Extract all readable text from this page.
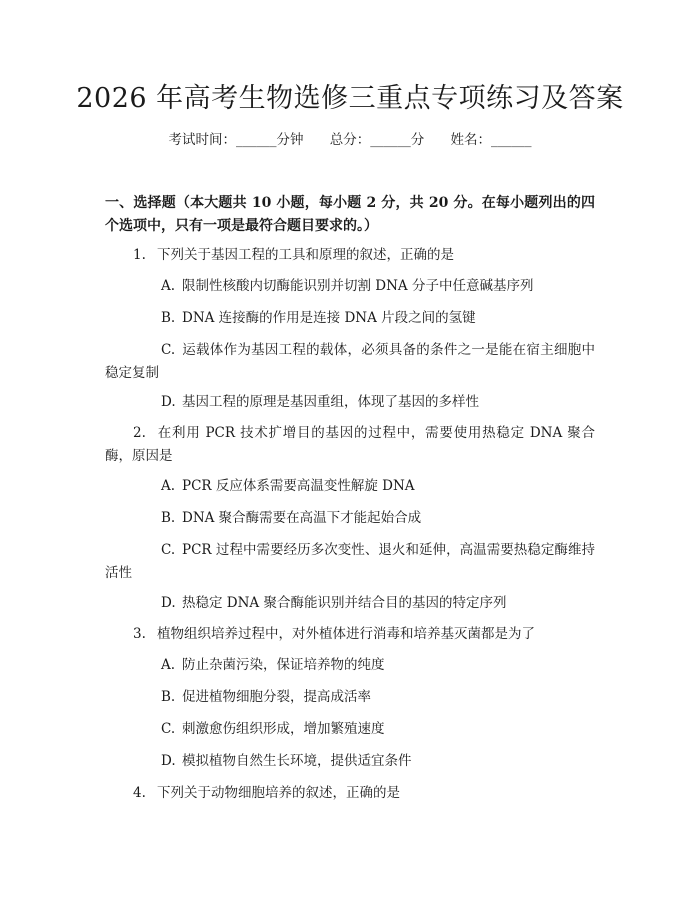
2026 年高考生物选修三重点专项练习及答案
考试时间：______分钟 总分：______分 姓名：______
一、选择题（本大题共 10 小题，每小题 2 分，共 20 分。在每小题列出的四个选项中，只有一项是最符合题目要求的。）
1. 下列关于基因工程的工具和原理的叙述，正确的是
A. 限制性核酸内切酶能识别并切割 DNA 分子中任意碱基序列
B. DNA 连接酶的作用是连接 DNA 片段之间的氢键
C. 运载体作为基因工程的载体，必须具备的条件之一是能在宿主细胞中稳定复制
D. 基因工程的原理是基因重组，体现了基因的多样性
2. 在利用 PCR 技术扩增目的基因的过程中，需要使用热稳定 DNA 聚合酶，原因是
A. PCR 反应体系需要高温变性解旋 DNA
B. DNA 聚合酶需要在高温下才能起始合成
C. PCR 过程中需要经历多次变性、退火和延伸，高温需要热稳定酶维持活性
D. 热稳定 DNA 聚合酶能识别并结合目的基因的特定序列
3. 植物组织培养过程中，对外植体进行消毒和培养基灭菌都是为了
A. 防止杂菌污染，保证培养物的纯度
B. 促进植物细胞分裂，提高成活率
C. 刺激愈伤组织形成，增加繁殖速度
D. 模拟植物自然生长环境，提供适宜条件
4. 下列关于动物细胞培养的叙述，正确的是
